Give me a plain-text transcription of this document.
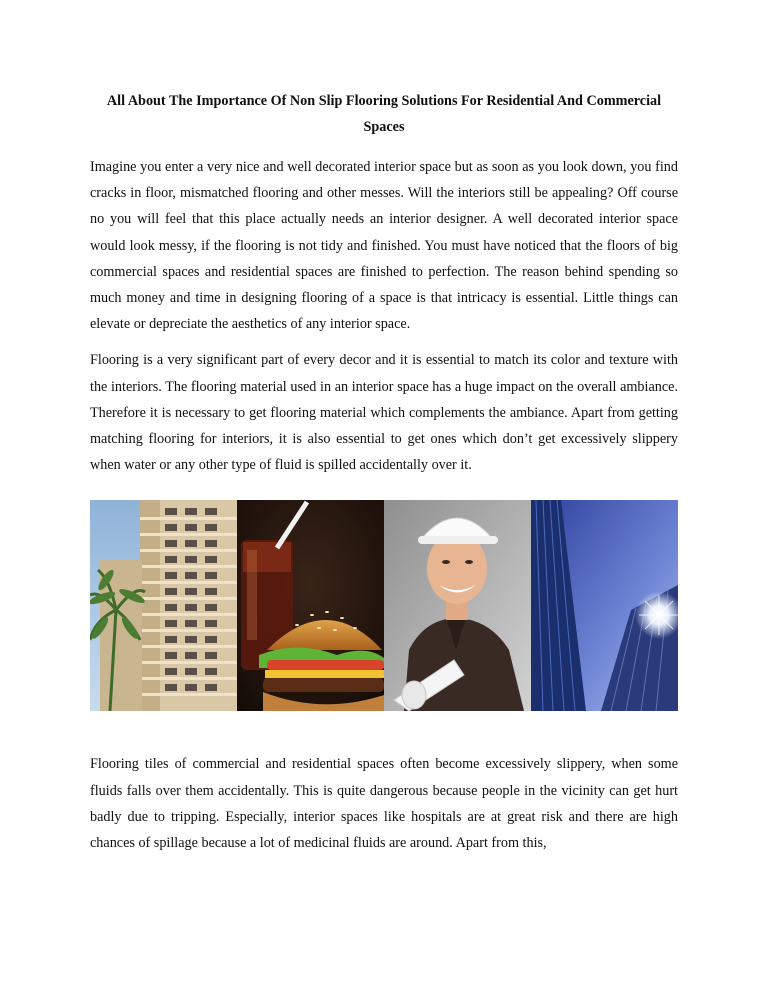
All About The Importance Of Non Slip Flooring Solutions For Residential And Commercial Spaces

Imagine you enter a very nice and well decorated interior space but as soon as you look down, you find cracks in floor, mismatched flooring and other messes. Will the interiors still be appealing? Off course no you will feel that this place actually needs an interior designer. A well decorated interior space would look messy, if the flooring is not tidy and finished. You must have noticed that the floors of big commercial spaces and residential spaces are finished to perfection. The reason behind spending so much money and time in designing flooring of a space is that intricacy is essential. Little things can elevate or depreciate the aesthetics of any interior space.

Flooring is a very significant part of every decor and it is essential to match its color and texture with the interiors. The flooring material used in an interior space has a huge impact on the overall ambiance. Therefore it is necessary to get flooring material which complements the ambiance. Apart from getting matching flooring for interiors, it is also essential to get ones which don’t get excessively slippery when water or any other type of fluid is spilled accidentally over it.

Flooring tiles of commercial and residential spaces often become excessively slippery, when some fluids falls over them accidentally. This is quite dangerous because people in the vicinity can get hurt badly due to tripping. Especially, interior spaces like hospitals are at great risk and there are high chances of spillage because a lot of medicinal fluids are around. Apart from this,
